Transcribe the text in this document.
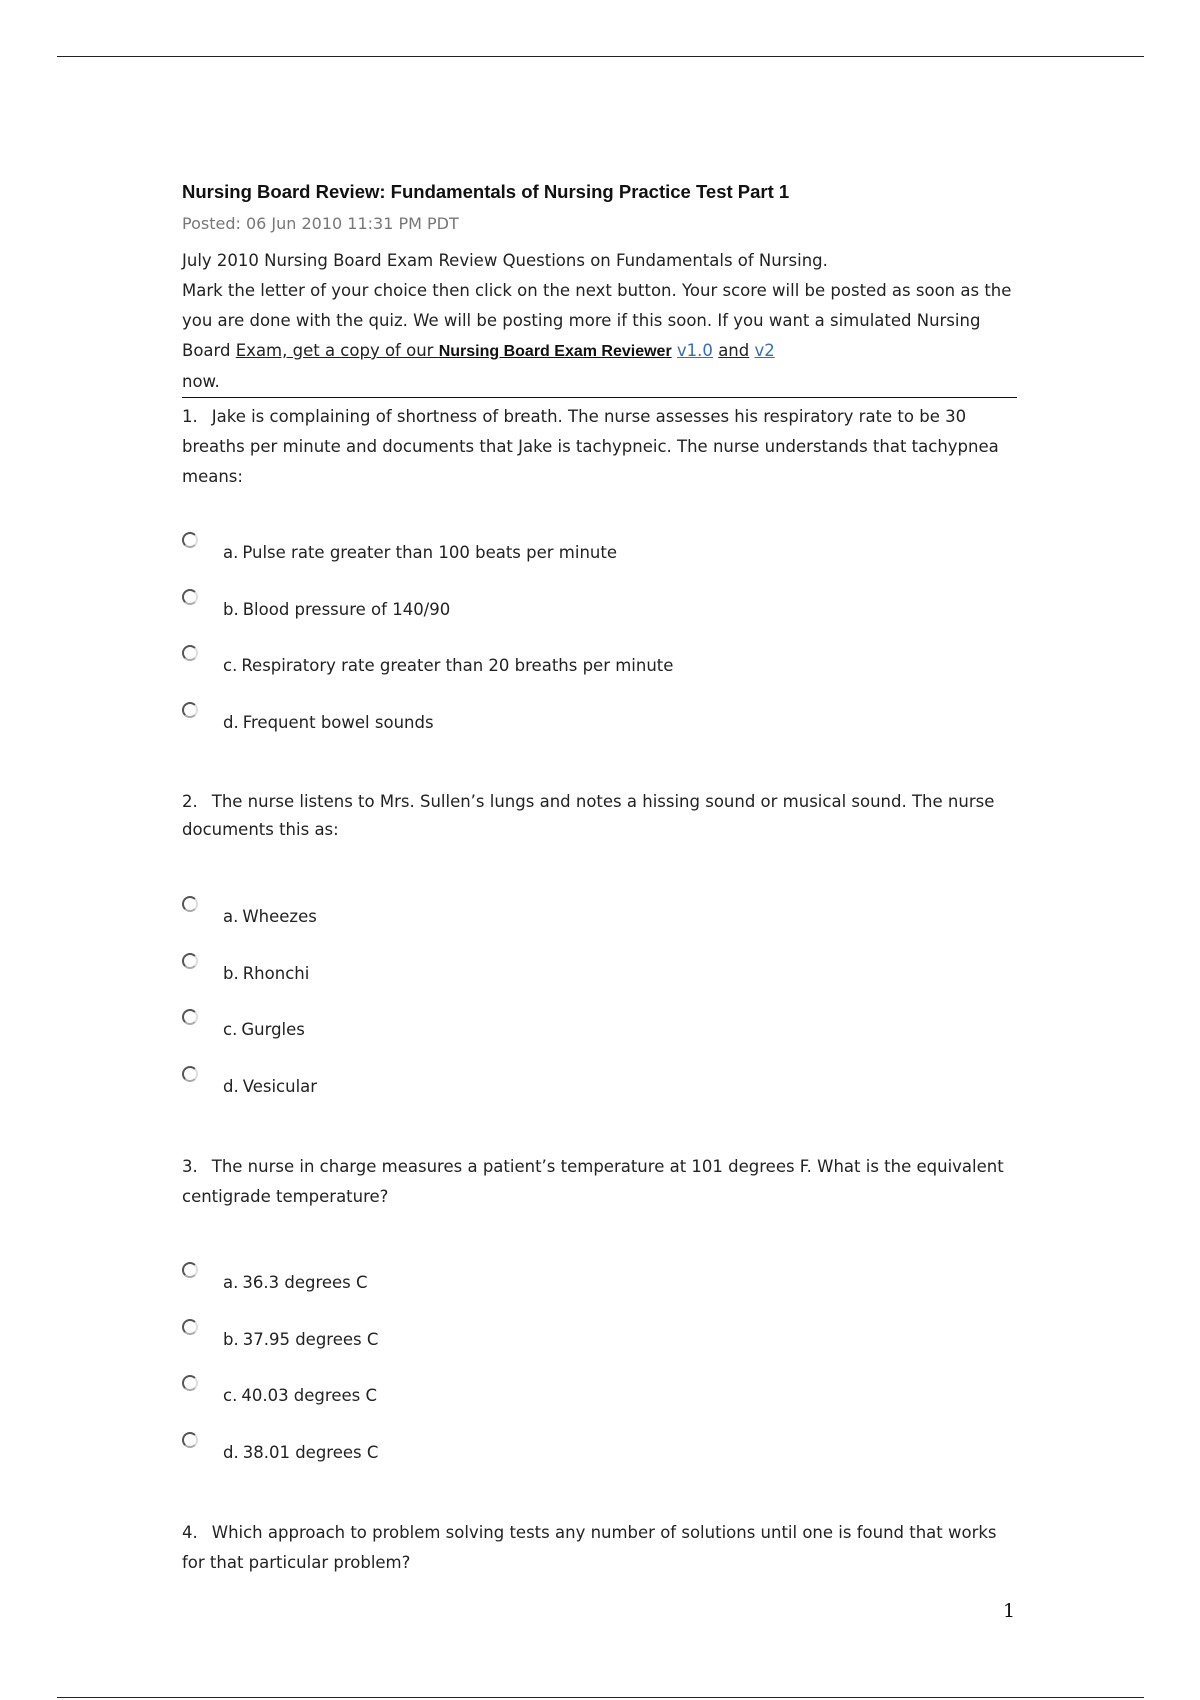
Nursing Board Review: Fundamentals of Nursing Practice Test Part 1
Posted: 06 Jun 2010 11:31 PM PDT
July 2010 Nursing Board Exam Review Questions on Fundamentals of Nursing.
Mark the letter of your choice then click on the next button. Your score will be posted as soon as the you are done with the quiz. We will be posting more if this soon. If you want a simulated Nursing Board Exam, get a copy of our Nursing Board Exam Reviewer v1.0 and v2
now.
1. Jake is complaining of shortness of breath. The nurse assesses his respiratory rate to be 30 breaths per minute and documents that Jake is tachypneic. The nurse understands that tachypnea means:
a. Pulse rate greater than 100 beats per minute
b. Blood pressure of 140/90
c. Respiratory rate greater than 20 breaths per minute
d. Frequent bowel sounds
2. The nurse listens to Mrs. Sullen’s lungs and notes a hissing sound or musical sound. The nurse documents this as:
a. Wheezes
b. Rhonchi
c. Gurgles
d. Vesicular
3. The nurse in charge measures a patient’s temperature at 101 degrees F. What is the equivalent centigrade temperature?
a. 36.3 degrees C
b. 37.95 degrees C
c. 40.03 degrees C
d. 38.01 degrees C
4. Which approach to problem solving tests any number of solutions until one is found that works for that particular problem?
1
